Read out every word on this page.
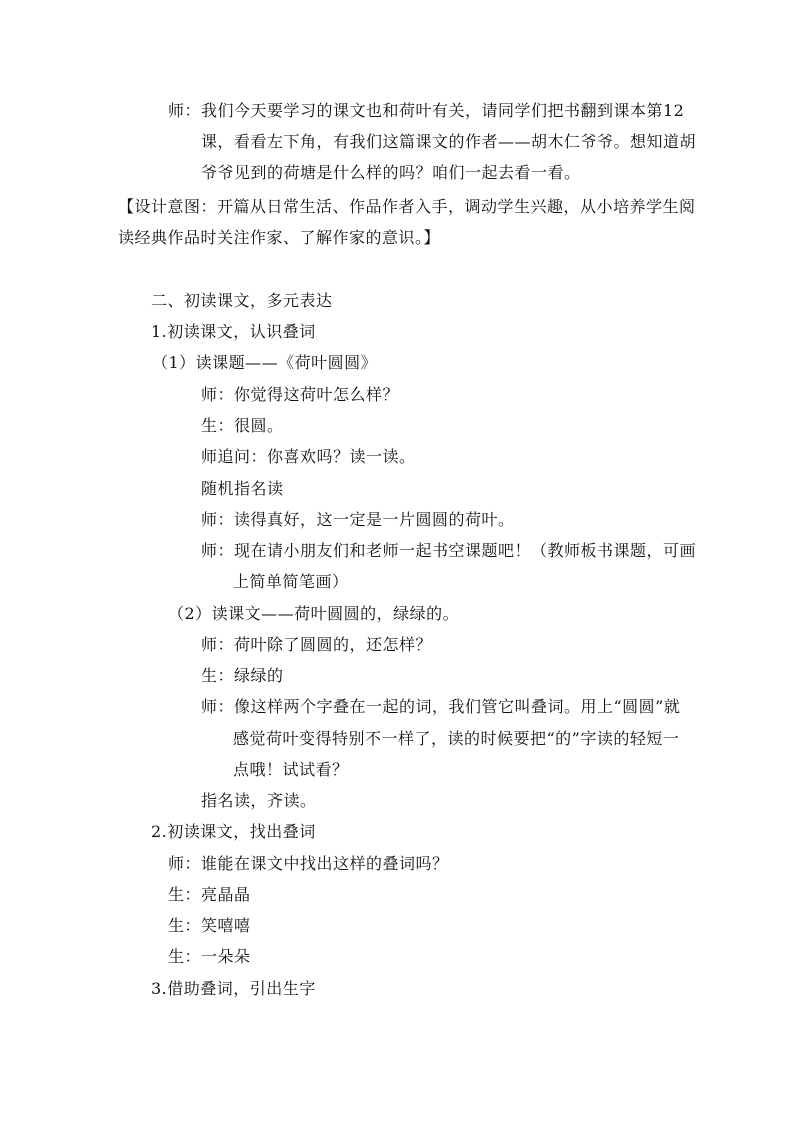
师：我们今天要学习的课文也和荷叶有关，请同学们把书翻到课本第12
课，看看左下角，有我们这篇课文的作者——胡木仁爷爷。想知道胡
爷爷见到的荷塘是什么样的吗？咱们一起去看一看。
【设计意图：开篇从日常生活、作品作者入手，调动学生兴趣，从小培养学生阅
读经典作品时关注作家、了解作家的意识。】
二、初读课文，多元表达
1.初读课文，认识叠词
（1）读课题——《荷叶圆圆》
师：你觉得这荷叶怎么样？
生：很圆。
师追问：你喜欢吗？读一读。
随机指名读
师：读得真好，这一定是一片圆圆的荷叶。
师：现在请小朋友们和老师一起书空课题吧！（教师板书课题，可画
上简单简笔画）
（2）读课文——荷叶圆圆的，绿绿的。
师：荷叶除了圆圆的，还怎样？
生：绿绿的
师：像这样两个字叠在一起的词，我们管它叫叠词。用上“圆圆”就
感觉荷叶变得特别不一样了，读的时候要把“的”字读的轻短一
点哦！试试看？
指名读，齐读。
2.初读课文，找出叠词
师：谁能在课文中找出这样的叠词吗？
生：亮晶晶
生：笑嘻嘻
生：一朵朵
3.借助叠词，引出生字
